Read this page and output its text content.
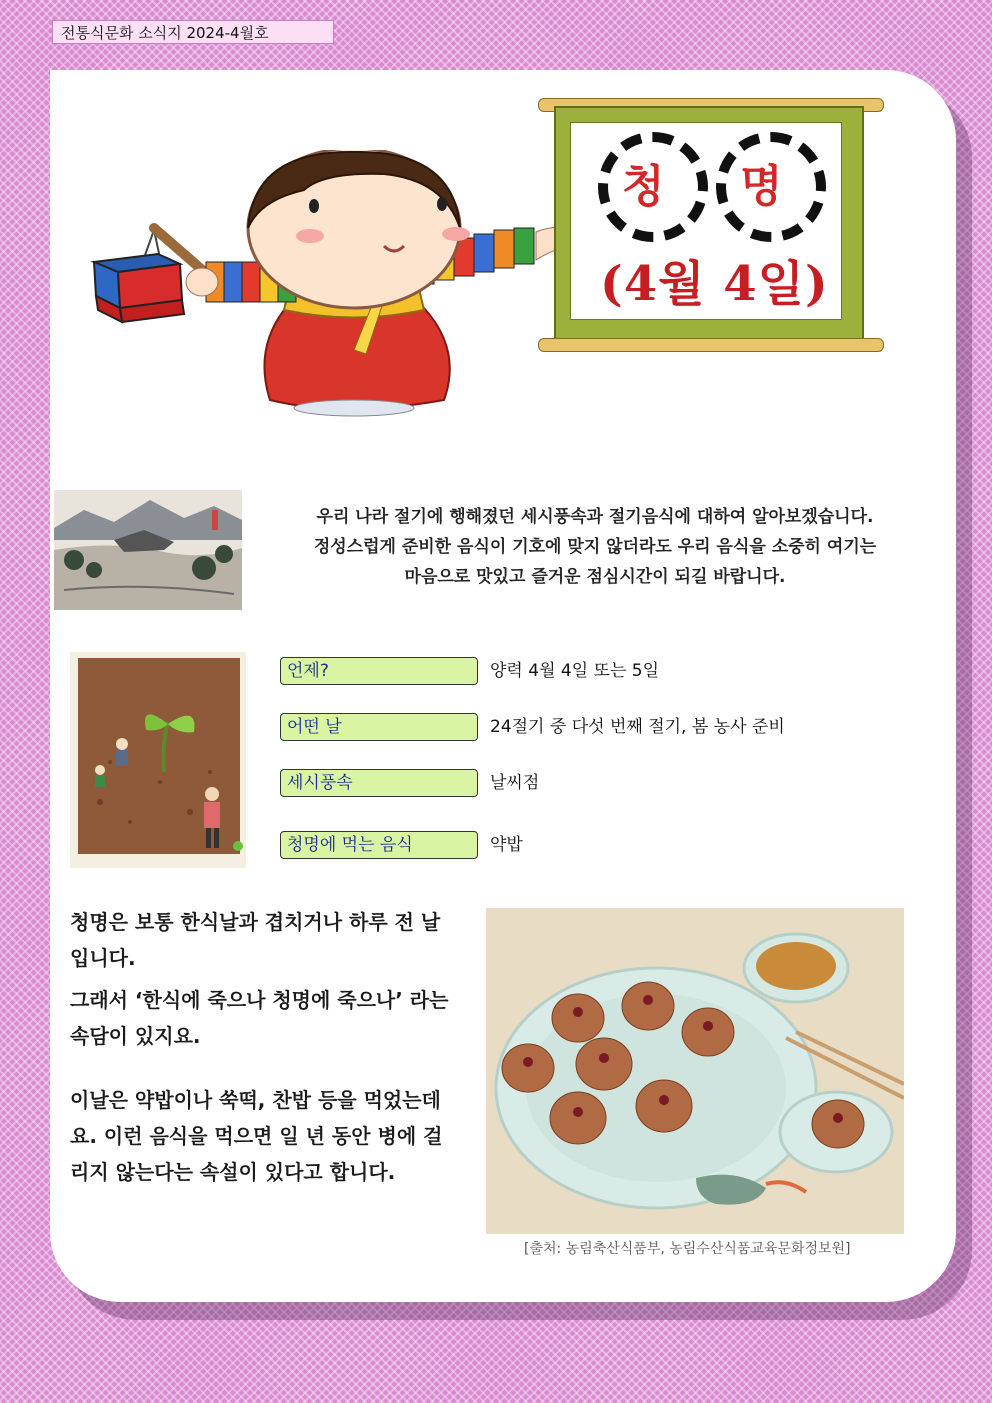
전통식문화 소식지 2024-4월호
청 명
(4월 4일)
우리 나라 절기에 행해졌던 세시풍속과 절기음식에 대하여 알아보겠습니다.
정성스럽게 준비한 음식이 기호에 맞지 않더라도 우리 음식을 소중히 여기는
마음으로 맛있고 즐거운 점심시간이 되길 바랍니다.
언제?	양력 4월 4일 또는 5일
어떤 날	24절기 중 다섯 번째 절기, 봄 농사 준비
세시풍속	날씨점
청명에 먹는 음식	약밥
청명은 보통 한식날과 겹치거나 하루 전 날입니다.
그래서 ‘한식에 죽으나 청명에 죽으나’ 라는 속담이 있지요.
이날은 약밥이나 쑥떡, 찬밥 등을 먹었는데요. 이런 음식을 먹으면 일 년 동안 병에 걸리지 않는다는 속설이 있다고 합니다.
[출처: 농림축산식품부, 농림수산식품교육문화정보원]
